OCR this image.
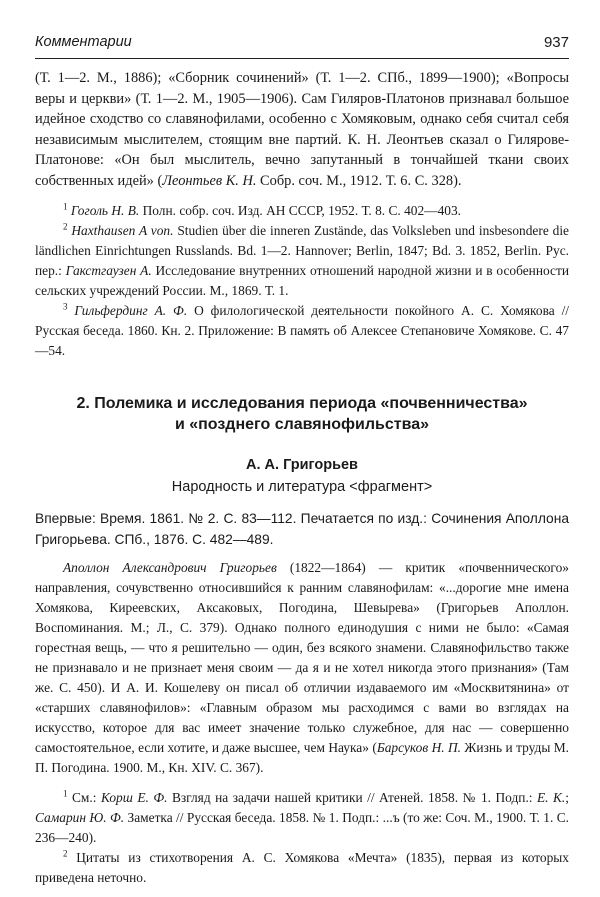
Комментарии	937

(Т. 1—2. М., 1886); «Сборник сочинений» (Т. 1—2. СПб., 1899—1900); «Вопросы веры и церкви» (Т. 1—2. М., 1905—1906). Сам Гиляров-Платонов признавал большое идейное сходство со славянофилами, особенно с Хомяковым, однако себя считал себя независимым мыслителем, стоящим вне партий. К. Н. Леонтьев сказал о Гилярове-Платонове: «Он был мыслитель, вечно запутанный в тончайшей ткани своих собственных идей» (Леонтьев К. Н. Собр. соч. М., 1912. Т. 6. С. 328).

$^1$ Гоголь Н. В. Полн. собр. соч. Изд. АН СССР, 1952. Т. 8. С. 402—403.

$^2$ Haxthausen A von. Studien über die inneren Zustände, das Volksleben und insbesondere die ländlichen Einrichtungen Russlands. Bd. 1—2. Hannover; Berlin, 1847; Bd. 3. 1852, Berlin. Рус. пер.: Гакстгаузен А. Исследование внутренних отношений народной жизни и в особенности сельских учреждений России. М., 1869. Т. 1.

$^3$ Гильфердинг А. Ф. О филологической деятельности покойного А. С. Хомякова // Русская беседа. 1860. Кн. 2. Приложение: В память об Алексее Степановиче Хомякове. С. 47—54.

2. Полемика и исследования периода «почвенничества»

и «позднего славянофильства»

А. А. Григорьев

Народность и литература <фрагмент>

Впервые: Время. 1861. № 2. С. 83—112. Печатается по изд.: Сочинения Аполлона Григорьева. СПб., 1876. С. 482—489.

Аполлон Александрович Григорьев (1822—1864) — критик «почвеннического» направления, сочувственно относившийся к ранним славянофилам: «...дорогие мне имена Хомякова, Киреевских, Аксаковых, Погодина, Шевырева» (Григорьев Аполлон. Воспоминания. М.; Л., С. 379). Однако полного единодушия с ними не было: «Самая горестная вещь, — что я решительно — один, без всякого знамени. Славянофильство также не признавало и не признает меня своим — да я и не хотел никогда этого признания» (Там же. С. 450). И А. И. Кошелеву он писал об отличии издаваемого им «Москвитянина» от «старших славянофилов»: «Главным образом мы расходимся с вами во взглядах на искусство, которое для вас имеет значение только служебное, для нас — совершенно самостоятельное, если хотите, и даже высшее, чем Наука» (Барсуков Н. П. Жизнь и труды М. П. Погодина. 1900. М., Кн. XIV. С. 367).

$^1$ См.: Корш Е. Ф. Взгляд на задачи нашей критики // Атеней. 1858. № 1. Подп.: Е. К.; Самарин Ю. Ф. Заметка // Русская беседа. 1858. № 1. Подп.: ...ъ (то же: Соч. М., 1900. Т. 1. С. 236—240).

$^2$ Цитаты из стихотворения А. С. Хомякова «Мечта» (1835), первая из которых приведена неточно.
